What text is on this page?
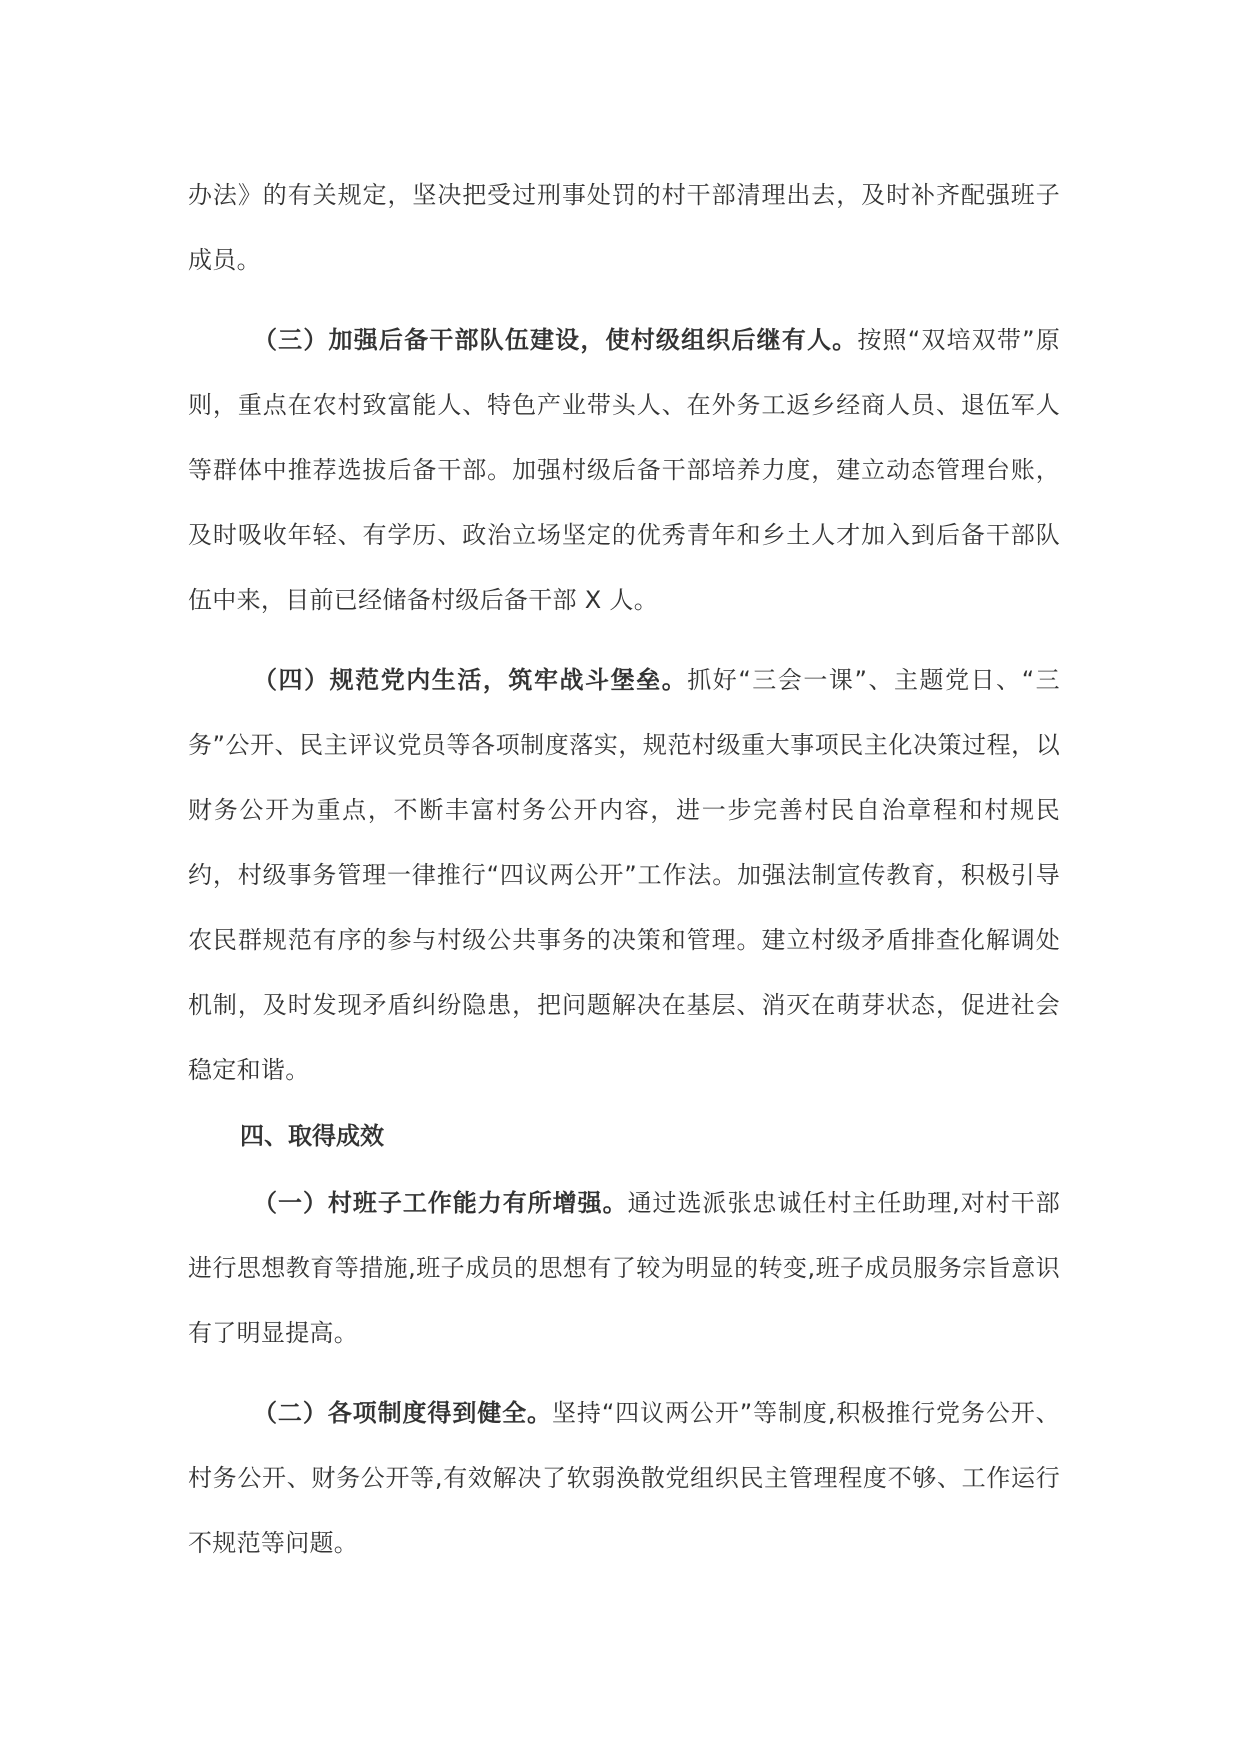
办法》的有关规定，坚决把受过刑事处罚的村干部清理出去，及时补齐配强班子成员。

（三）加强后备干部队伍建设，使村级组织后继有人。按照“双培双带”原则，重点在农村致富能人、特色产业带头人、在外务工返乡经商人员、退伍军人等群体中推荐选拔后备干部。加强村级后备干部培养力度，建立动态管理台账，及时吸收年轻、有学历、政治立场坚定的优秀青年和乡土人才加入到后备干部队伍中来，目前已经储备村级后备干部 X 人。

（四）规范党内生活，筑牢战斗堡垒。抓好“三会一课”、主题党日、“三务”公开、民主评议党员等各项制度落实，规范村级重大事项民主化决策过程，以财务公开为重点，不断丰富村务公开内容，进一步完善村民自治章程和村规民约，村级事务管理一律推行“四议两公开”工作法。加强法制宣传教育，积极引导农民群规范有序的参与村级公共事务的决策和管理。建立村级矛盾排查化解调处机制，及时发现矛盾纠纷隐患，把问题解决在基层、消灭在萌芽状态，促进社会稳定和谐。

四、取得成效

（一）村班子工作能力有所增强。通过选派张忠诚任村主任助理,对村干部进行思想教育等措施,班子成员的思想有了较为明显的转变,班子成员服务宗旨意识有了明显提高。

（二）各项制度得到健全。坚持“四议两公开”等制度,积极推行党务公开、村务公开、财务公开等,有效解决了软弱涣散党组织民主管理程度不够、工作运行不规范等问题。
